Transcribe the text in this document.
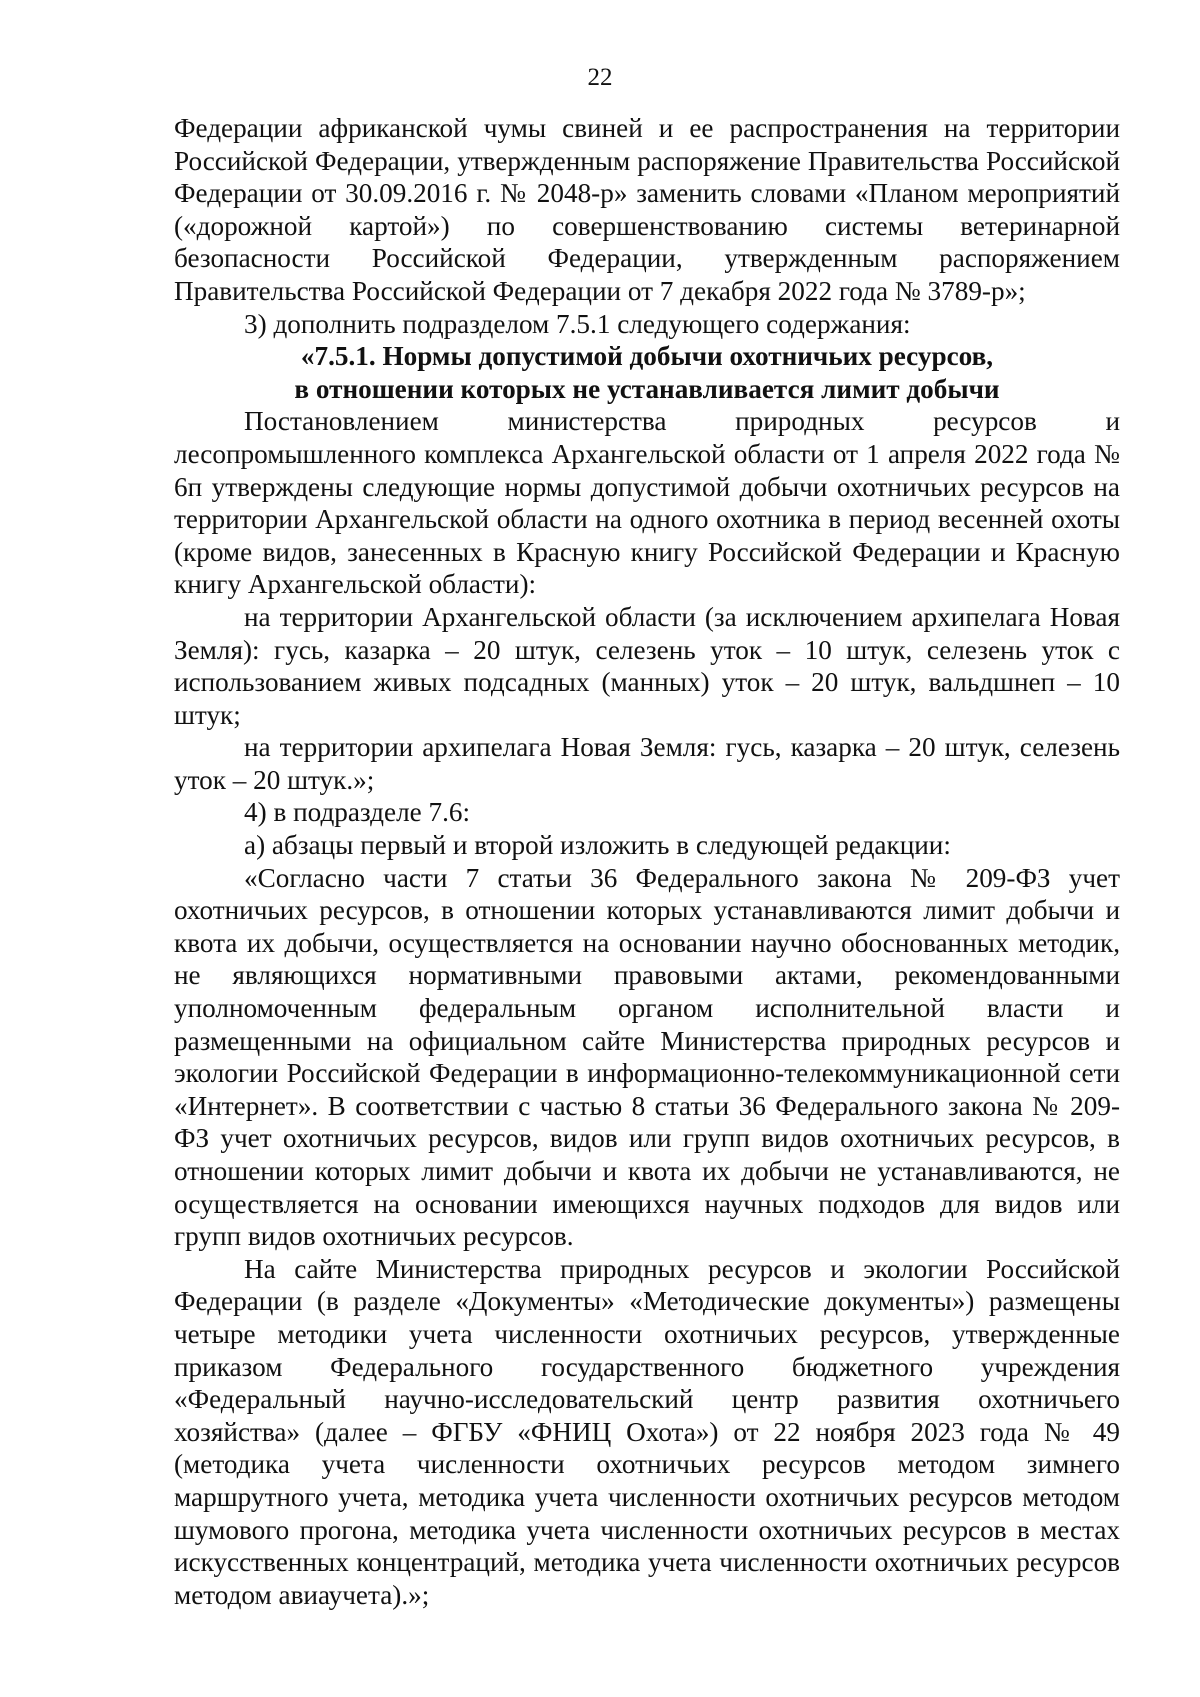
22

Федерации африканской чумы свиней и ее распространения на территории Российской Федерации, утвержденным распоряжение Правительства Российской Федерации от 30.09.2016 г. № 2048-р» заменить словами «Планом мероприятий («дорожной картой») по совершенствованию системы ветеринарной безопасности Российской Федерации, утвержденным распоряжением Правительства Российской Федерации от 7 декабря 2022 года № 3789-р»;

3) дополнить подразделом 7.5.1 следующего содержания:

«7.5.1. Нормы допустимой добычи охотничьих ресурсов,

в отношении которых не устанавливается лимит добычи

Постановлением министерства природных ресурсов и лесопромышленного комплекса Архангельской области от 1 апреля 2022 года № 6п утверждены следующие нормы допустимой добычи охотничьих ресурсов на территории Архангельской области на одного охотника в период весенней охоты (кроме видов, занесенных в Красную книгу Российской Федерации и Красную книгу Архангельской области):

на территории Архангельской области (за исключением архипелага Новая Земля): гусь, казарка – 20 штук, селезень уток – 10 штук, селезень уток с использованием живых подсадных (манных) уток – 20 штук, вальдшнеп – 10 штук;

на территории архипелага Новая Земля: гусь, казарка – 20 штук, селезень уток – 20 штук.»;

4) в подразделе 7.6:

а) абзацы первый и второй изложить в следующей редакции:

«Согласно части 7 статьи 36 Федерального закона № 209-ФЗ учет охотничьих ресурсов, в отношении которых устанавливаются лимит добычи и квота их добычи, осуществляется на основании научно обоснованных методик, не являющихся нормативными правовыми актами, рекомендованными уполномоченным федеральным органом исполнительной власти и размещенными на официальном сайте Министерства природных ресурсов и экологии Российской Федерации в информационно-телекоммуникационной сети «Интернет». В соответствии с частью 8 статьи 36 Федерального закона № 209-ФЗ учет охотничьих ресурсов, видов или групп видов охотничьих ресурсов, в отношении которых лимит добычи и квота их добычи не устанавливаются, не осуществляется на основании имеющихся научных подходов для видов или групп видов охотничьих ресурсов.

На сайте Министерства природных ресурсов и экологии Российской Федерации (в разделе «Документы» «Методические документы») размещены четыре методики учета численности охотничьих ресурсов, утвержденные приказом Федерального государственного бюджетного учреждения «Федеральный научно-исследовательский центр развития охотничьего хозяйства» (далее – ФГБУ «ФНИЦ Охота») от 22 ноября 2023 года № 49 (методика учета численности охотничьих ресурсов методом зимнего маршрутного учета, методика учета численности охотничьих ресурсов методом шумового прогона, методика учета численности охотничьих ресурсов в местах искусственных концентраций, методика учета численности охотничьих ресурсов методом авиаучета).»;
